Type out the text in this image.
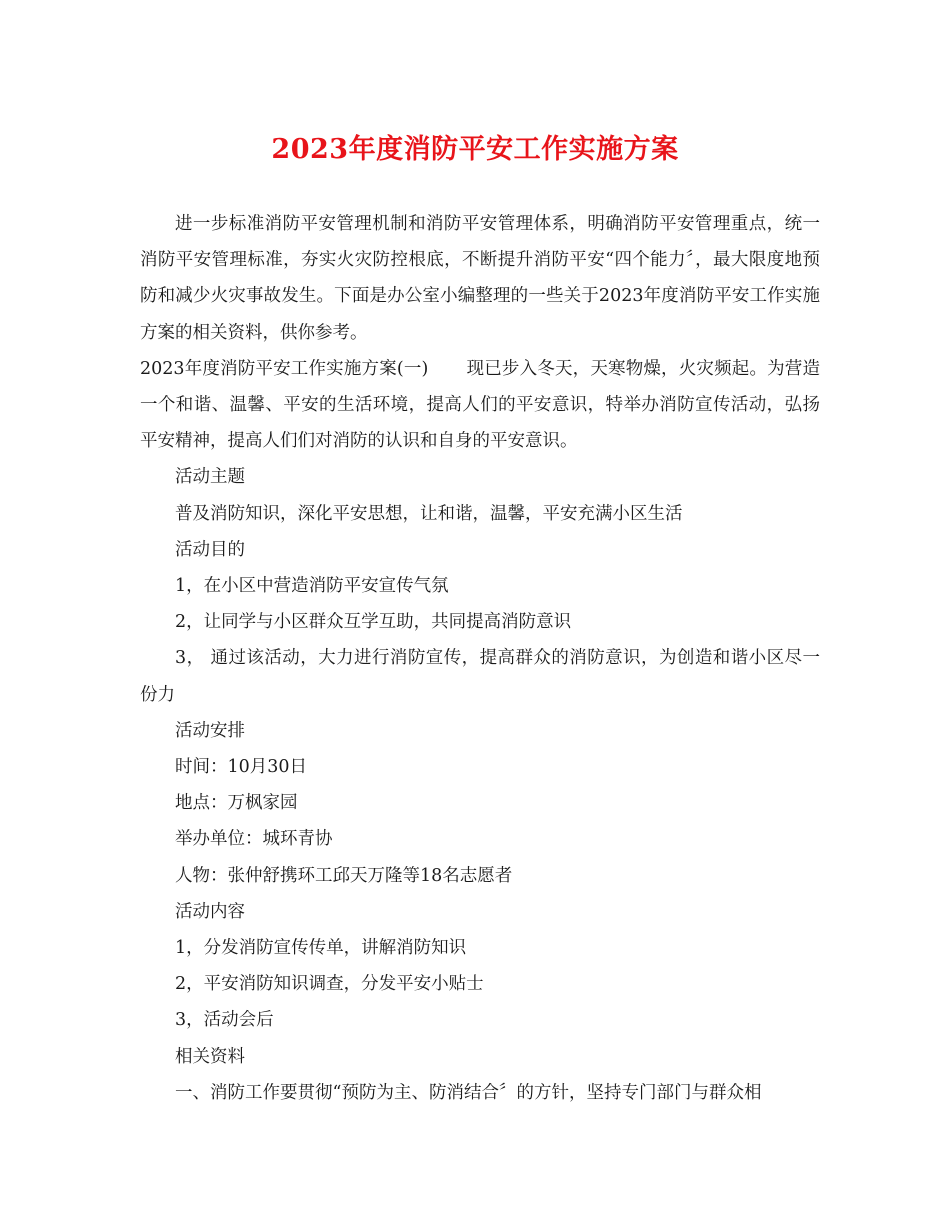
2023年度消防平安工作实施方案

进一步标准消防平安管理机制和消防平安管理体系，明确消防平安管理重点，统一消防平安管理标准，夯实火灾防控根底，不断提升消防平安“四个能力〞，最大限度地预防和减少火灾事故发生。下面是办公室小编整理的一些关于2023年度消防平安工作实施方案的相关资料，供你参考。

2023年度消防平安工作实施方案(一) 现已步入冬天，天寒物燥，火灾频起。为营造一个和谐、温馨、平安的生活环境，提高人们的平安意识，特举办消防宣传活动，弘扬平安精神，提高人们们对消防的认识和自身的平安意识。

活动主题

普及消防知识，深化平安思想，让和谐，温馨，平安充满小区生活

活动目的

1，在小区中营造消防平安宣传气氛

2，让同学与小区群众互学互助，共同提高消防意识

3， 通过该活动，大力进行消防宣传，提高群众的消防意识，为创造和谐小区尽一份力

活动安排

时间：10月30日

地点：万枫家园

举办单位：城环青协

人物：张仲舒携环工邱天万隆等18名志愿者

活动内容

1，分发消防宣传传单，讲解消防知识

2，平安消防知识调查，分发平安小贴士

3，活动会后

相关资料

一、消防工作要贯彻“预防为主、防消结合〞的方针，坚持专门部门与群众相
